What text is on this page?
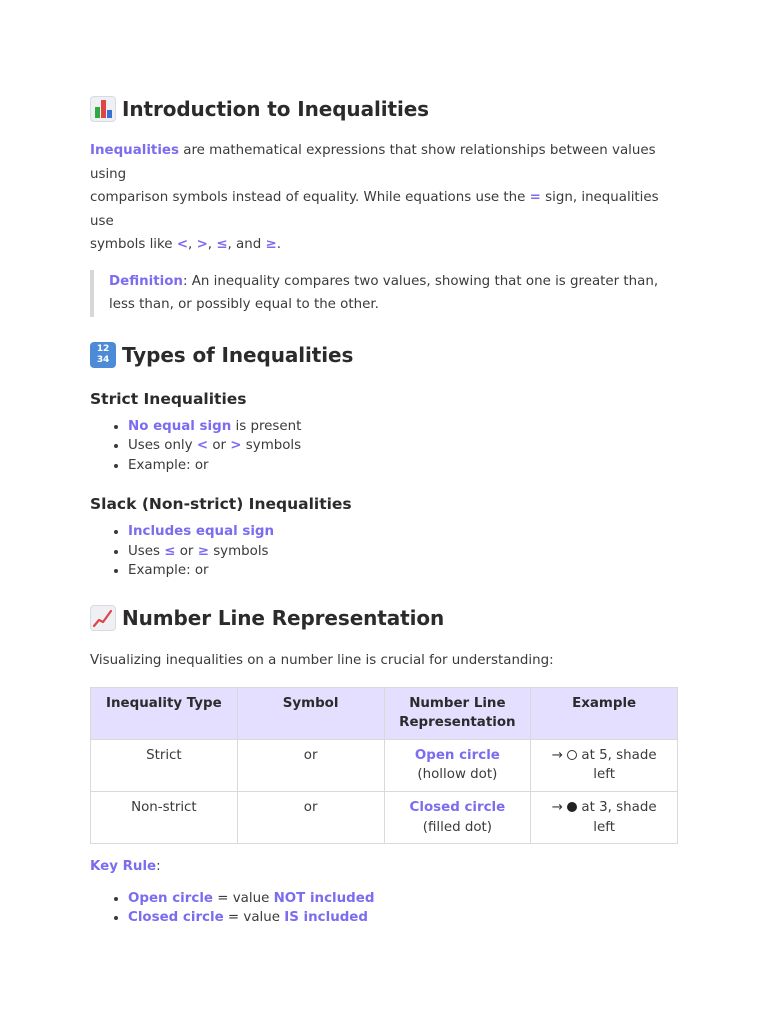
Introduction to Inequalities

Inequalities are mathematical expressions that show relationships between values using
comparison symbols instead of equality. While equations use the = sign, inequalities use
symbols like <, >, ≤, and ≥.

Definition: An inequality compares two values, showing that one is greater than, less than, or possibly equal to the other.

12
34 Types of Inequalities
Strict Inequalities
• No equal sign is present
• Uses only < or > symbols
• Example: or
Slack (Non-strict) Inequalities
• Includes equal sign
• Uses ≤ or ≥ symbols
• Example: or
Number Line Representation

Visualizing inequalities on a number line is crucial for understanding:

Inequality Type	Symbol	Number Line Representation	Example
Strict	or	Open circle (hollow dot)	→  at 5, shade left
Non-strict	or	Closed circle (filled dot)	→  at 3, shade left

Key Rule:

• Open circle = value NOT included
• Closed circle = value IS included
